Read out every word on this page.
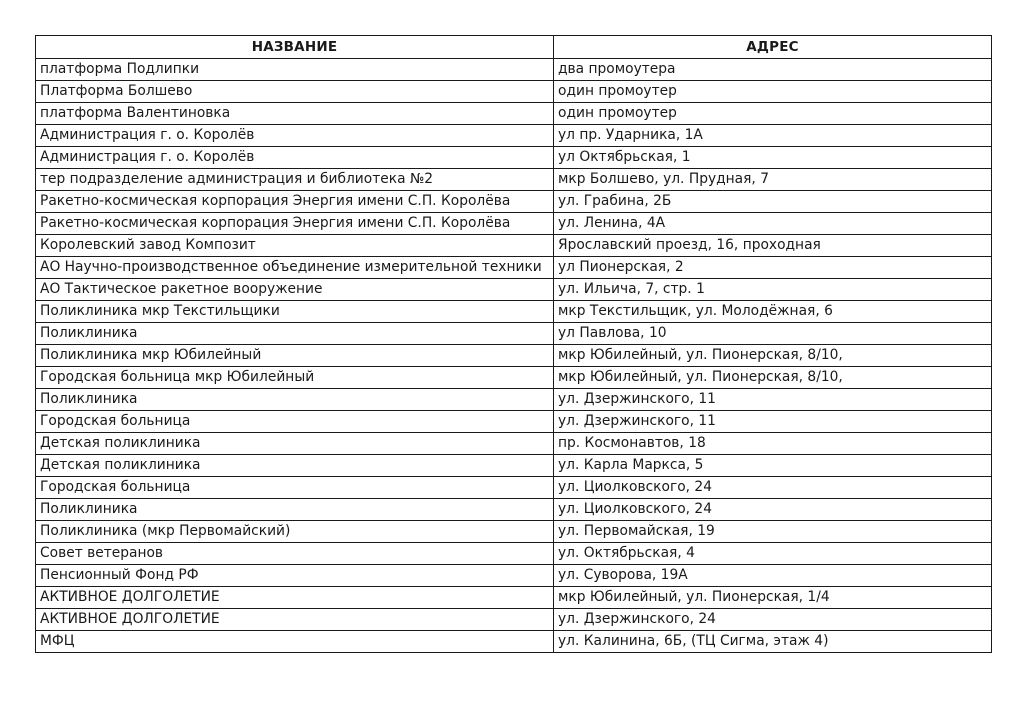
НАЗВАНИЕ	АДРЕС
платформа Подлипки	два промоутера
Платформа Болшево	один промоутер
платформа Валентиновка	один промоутер
Администрация г. о. Королёв	ул пр. Ударника, 1А
Администрация г. о. Королёв	ул Октябрьская, 1
тер подразделение администрация и библиотека №2	мкр Болшево, ул. Прудная, 7
Ракетно-космическая корпорация Энергия имени С.П. Королёва	ул. Грабина, 2Б
Ракетно-космическая корпорация Энергия имени С.П. Королёва	ул. Ленина, 4А
Королевский завод Композит	Ярославский проезд, 16, проходная
АО Научно-производственное объединение измерительной техники	ул Пионерская, 2
АО Тактическое ракетное вооружение	ул. Ильича, 7, стр. 1
Поликлиника мкр Текстильщики	мкр Текстильщик, ул. Молодёжная, 6
Поликлиника	ул Павлова, 10
Поликлиника мкр Юбилейный	мкр Юбилейный, ул. Пионерская, 8/10,
Городская больница мкр Юбилейный	мкр Юбилейный, ул. Пионерская, 8/10,
Поликлиника	ул. Дзержинского, 11
Городская больница	ул. Дзержинского, 11
Детская поликлиника	пр. Космонавтов, 18
Детская поликлиника	ул. Карла Маркса, 5
Городская больница	ул. Циолковского, 24
Поликлиника	ул. Циолковского, 24
Поликлиника (мкр Первомайский)	ул. Первомайская, 19
Совет ветеранов	ул. Октябрьская, 4
Пенсионный Фонд РФ	ул. Суворова, 19А
АКТИВНОЕ ДОЛГОЛЕТИЕ	мкр Юбилейный, ул. Пионерская, 1/4
АКТИВНОЕ ДОЛГОЛЕТИЕ	ул. Дзержинского, 24
МФЦ	ул. Калинина, 6Б, (ТЦ Сигма, этаж 4)
